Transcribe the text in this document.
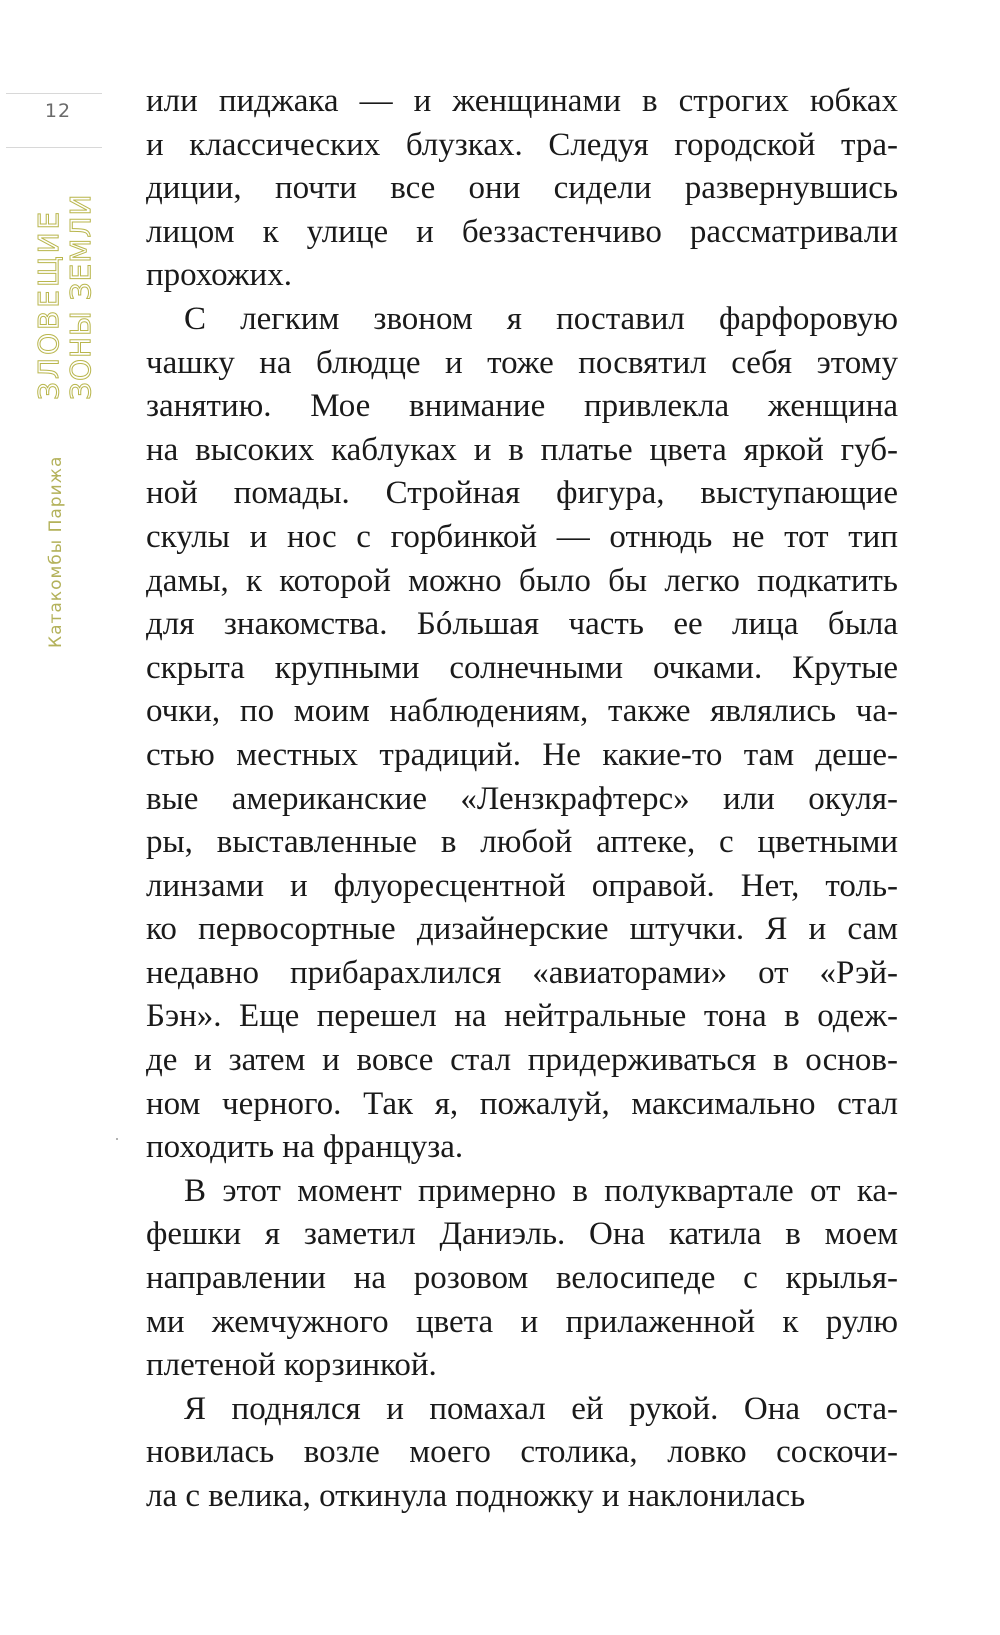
12
ЗЛОВЕЩИЕ ЗОНЫ ЗЕМЛИ
Катакомбы Парижа

или пиджака — и женщинами в строгих юбках
и классических блузках. Следуя городской тра-
диции, почти все они сидели развернувшись
лицом к улице и беззастенчиво рассматривали
прохожих.

С легким звоном я поставил фарфоровую
чашку на блюдце и тоже посвятил себя этому
занятию. Мое внимание привлекла женщина
на высоких каблуках и в платье цвета яркой губ-
ной помады. Стройная фигура, выступающие
скулы и нос с горбинкой — отнюдь не тот тип
дамы, к которой можно было бы легко подкатить
для знакомства. Бóльшая часть ее лица была
скрыта крупными солнечными очками. Крутые
очки, по моим наблюдениям, также являлись ча-
стью местных традиций. Не какие-то там деше-
вые американские «Лензкрафтерс» или окуля-
ры, выставленные в любой аптеке, с цветными
линзами и флуоресцентной оправой. Нет, толь-
ко первосортные дизайнерские штучки. Я и сам
недавно прибарахлился «авиаторами» от «Рэй-
Бэн». Еще перешел на нейтральные тона в одеж-
де и затем и вовсе стал придерживаться в основ-
ном черного. Так я, пожалуй, максимально стал
походить на француза.

В этот момент примерно в полуквартале от ка-
фешки я заметил Даниэль. Она катила в моем
направлении на розовом велосипеде с крылья-
ми жемчужного цвета и прилаженной к рулю
плетеной корзинкой.

Я поднялся и помахал ей рукой. Она оста-
новилась возле моего столика, ловко соскочи-
ла с велика, откинула подножку и наклонилась
